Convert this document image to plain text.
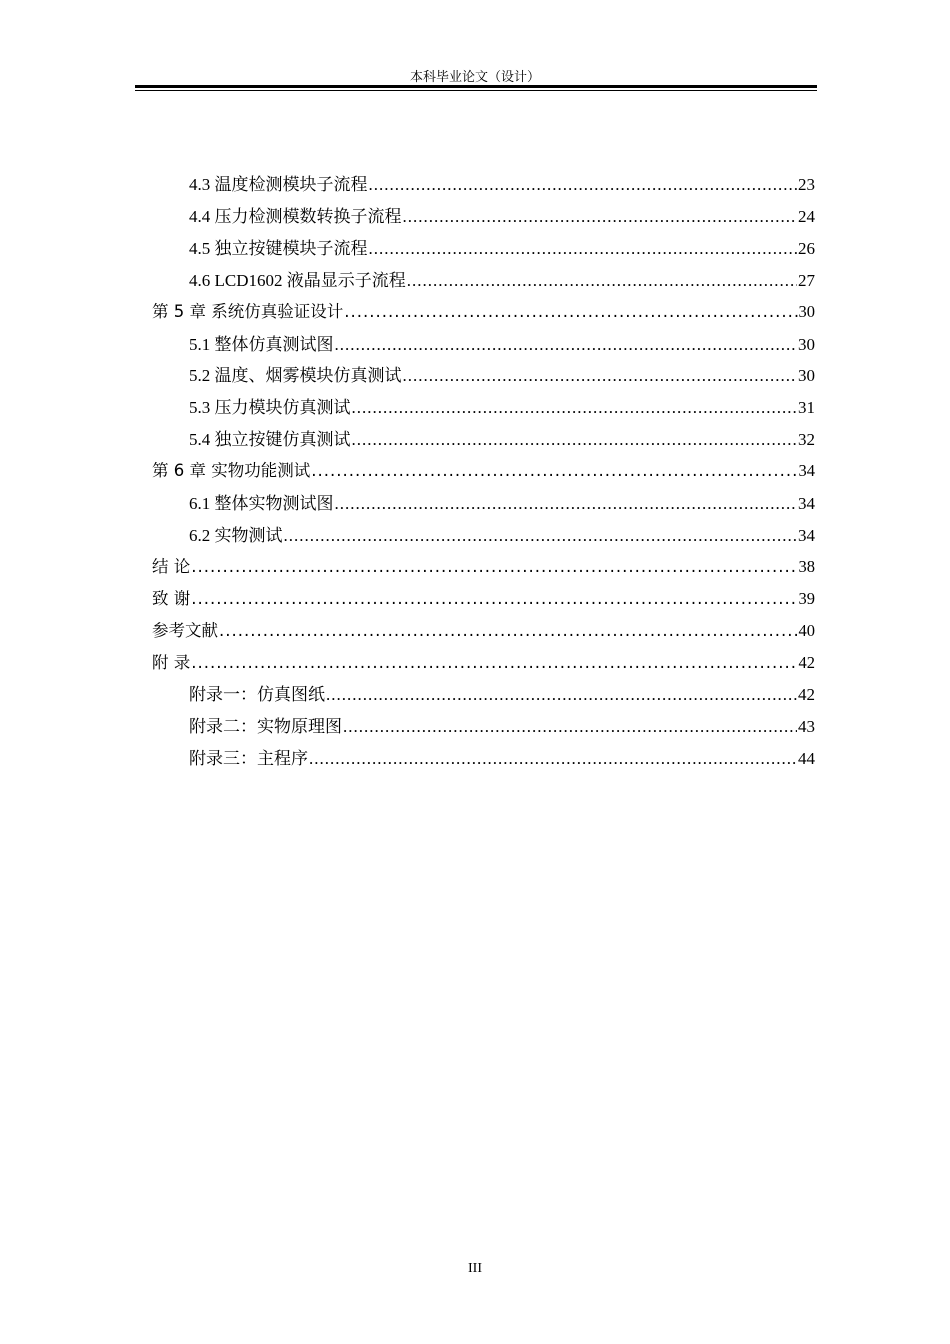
本科毕业论文（设计）
4.3 温度检测模块子流程 .....	23
4.4 压力检测模数转换子流程 .....	24
4.5 独立按键模块子流程 .....	26
4.6 LCD1602 液晶显示子流程 .....	27
第 5 章 系统仿真验证设计 .....	30
5.1 整体仿真测试图 .....	30
5.2 温度、烟雾模块仿真测试 .....	30
5.3 压力模块仿真测试 .....	31
5.4 独立按键仿真测试 .....	32
第 6 章 实物功能测试 .....	34
6.1 整体实物测试图 .....	34
6.2 实物测试 .....	34
结 论 .....	38
致 谢 .....	39
参考文献 .....	40
附 录 .....	42
附录一：仿真图纸 .....	42
附录二：实物原理图 .....	43
附录三：主程序 .....	44
III
